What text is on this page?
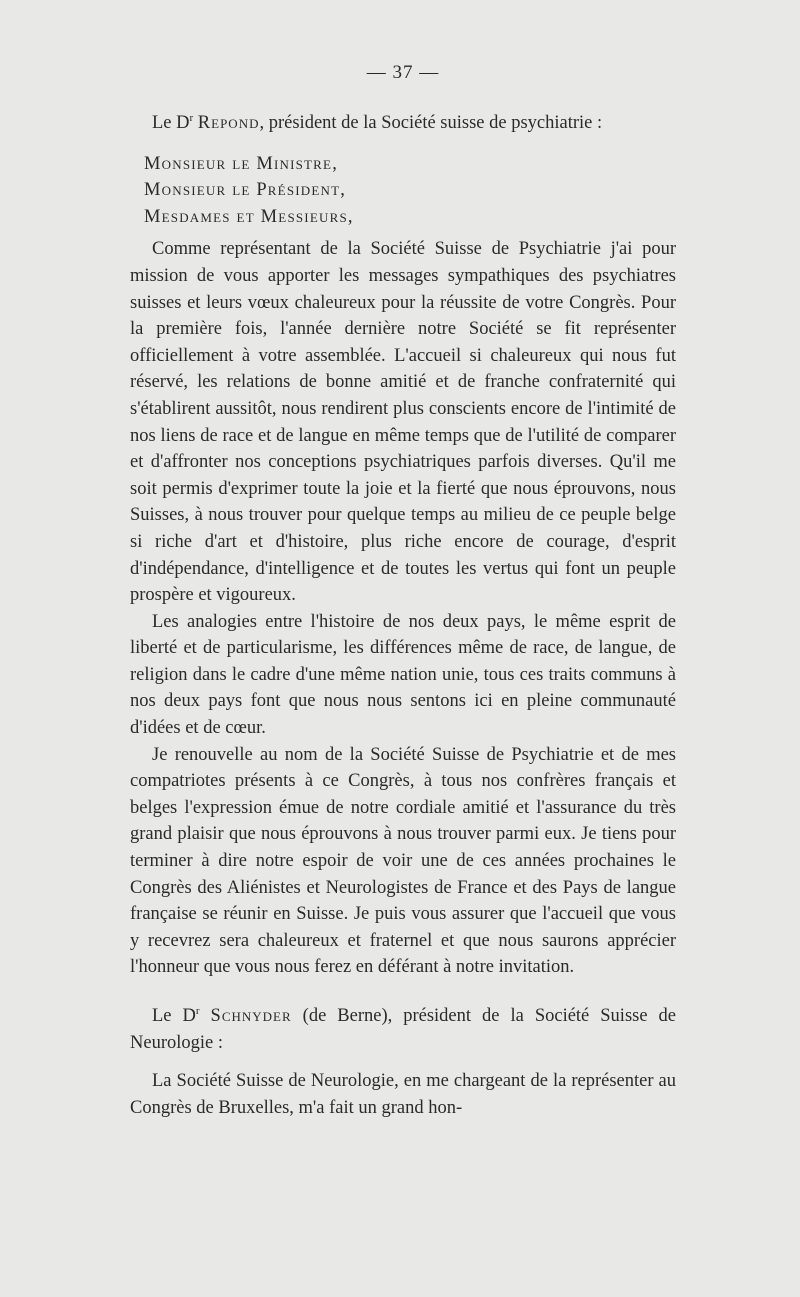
— 37 —

Le $D^r$ Repond, président de la Société suisse de psychiatrie :

Monsieur le Ministre,
Monsieur le Président,
Mesdames et Messieurs,

Comme représentant de la Société Suisse de Psychiatrie j'ai pour mission de vous apporter les messages sympathiques des psychiatres suisses et leurs vœux chaleureux pour la réussite de votre Congrès. Pour la première fois, l'année dernière notre Société se fit représenter officiellement à votre assemblée. L'accueil si chaleureux qui nous fut réservé, les relations de bonne amitié et de franche confraternité qui s'établirent aussitôt, nous rendirent plus conscients encore de l'intimité de nos liens de race et de langue en même temps que de l'utilité de comparer et d'affronter nos conceptions psychiatriques parfois diverses. Qu'il me soit permis d'exprimer toute la joie et la fierté que nous éprouvons, nous Suisses, à nous trouver pour quelque temps au milieu de ce peuple belge si riche d'art et d'histoire, plus riche encore de courage, d'esprit d'indépendance, d'intelligence et de toutes les vertus qui font un peuple prospère et vigoureux.

Les analogies entre l'histoire de nos deux pays, le même esprit de liberté et de particularisme, les différences même de race, de langue, de religion dans le cadre d'une même nation unie, tous ces traits communs à nos deux pays font que nous nous sentons ici en pleine communauté d'idées et de cœur.

Je renouvelle au nom de la Société Suisse de Psychiatrie et de mes compatriotes présents à ce Congrès, à tous nos confrères français et belges l'expression émue de notre cordiale amitié et l'assurance du très grand plaisir que nous éprouvons à nous trouver parmi eux. Je tiens pour terminer à dire notre espoir de voir une de ces années prochaines le Congrès des Aliénistes et Neurologistes de France et des Pays de langue française se réunir en Suisse. Je puis vous assurer que l'accueil que vous y recevrez sera chaleureux et fraternel et que nous saurons apprécier l'honneur que vous nous ferez en déférant à notre invitation.

Le $D^r$ Schnyder (de Berne), président de la Société Suisse de Neurologie :

La Société Suisse de Neurologie, en me chargeant de la représenter au Congrès de Bruxelles, m'a fait un grand hon-
